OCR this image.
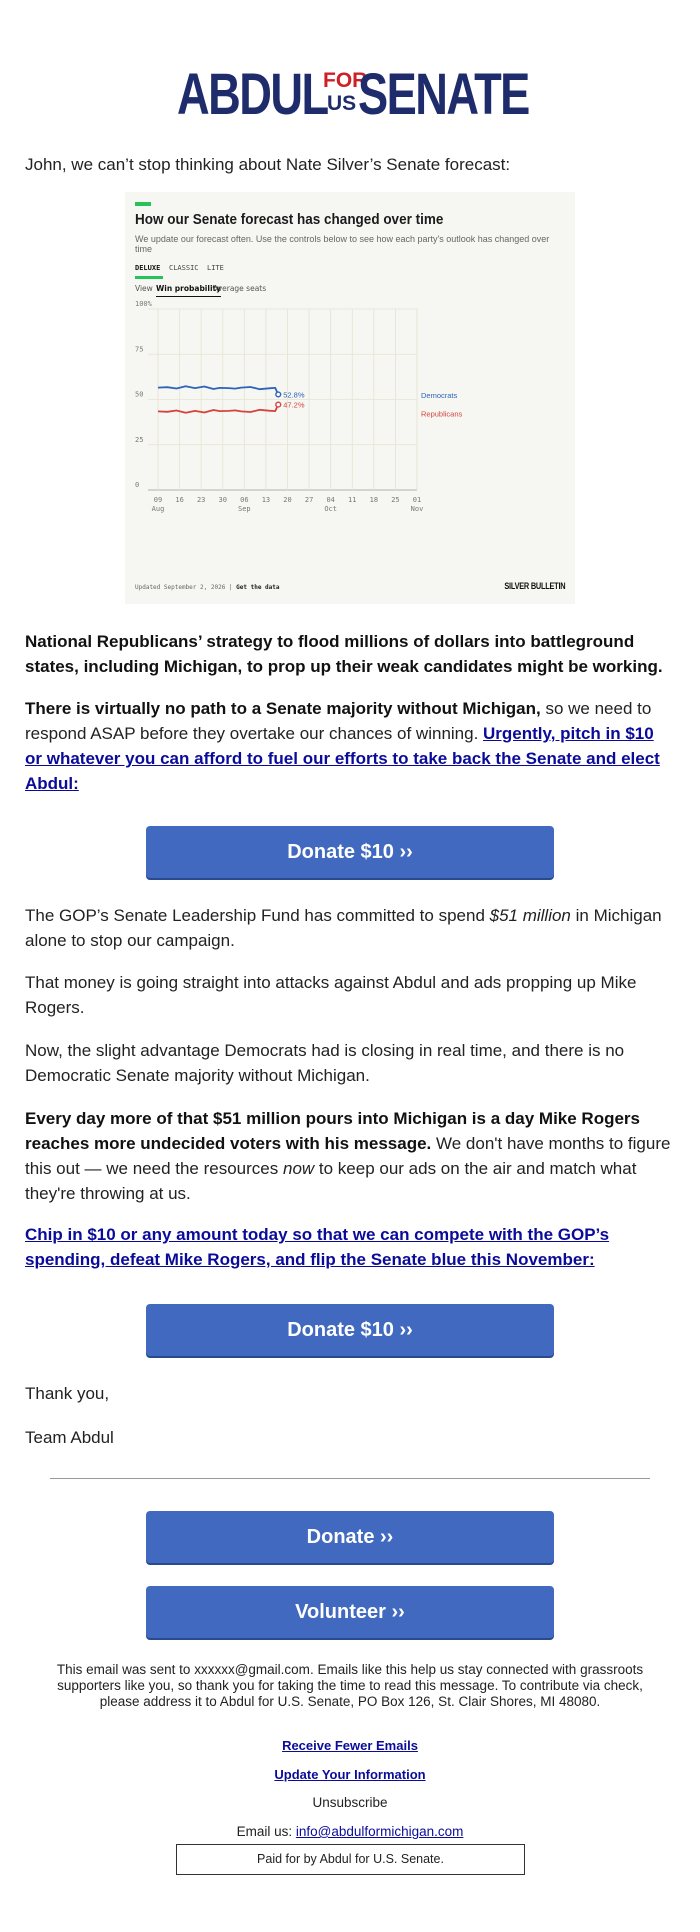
ABDUL
FOR
US SENATE
John, we can’t stop thinking about Nate Silver’s Senate forecast:
How our Senate forecast has changed over time
We update our forecast often. Use the controls below to see how each party's outlook has changed over time
DELUXE CLASSIC LITE
View Win probability
Average seats
100%
75
50
25
0
09 16 23 30 06 13 20 27 04 11 18 25 01
Aug	Sep	Oct	Nov
52.8%
47.2%
Democrats
Republicans
Updated September 2, 2026 | Get the data	SILVER BULLETIN
National Republicans’ strategy to flood millions of dollars into battleground states, including Michigan, to prop up their weak candidates might be working.
There is virtually no path to a Senate majority without Michigan, so we need to respond ASAP before they overtake our chances of winning. Urgently, pitch in $10 or whatever you can afford to fuel our efforts to take back the Senate and elect Abdul:
Donate $10 ››
The GOP’s Senate Leadership Fund has committed to spend $51 million in Michigan alone to stop our campaign.
That money is going straight into attacks against Abdul and ads propping up Mike Rogers.
Now, the slight advantage Democrats had is closing in real time, and there is no Democratic Senate majority without Michigan.
Every day more of that $51 million pours into Michigan is a day Mike Rogers reaches more undecided voters with his message. We don't have months to figure this out — we need the resources now to keep our ads on the air and match what they're throwing at us.
Chip in $10 or any amount today so that we can compete with the GOP’s spending, defeat Mike Rogers, and flip the Senate blue this November:
Donate $10 ››
Thank you,
Team Abdul
Donate ››
Volunteer ››
This email was sent to xxxxxx@gmail.com. Emails like this help us stay connected with grassroots supporters like you, so thank you for taking the time to read this message. To contribute via check, please address it to Abdul for U.S. Senate, PO Box 126, St. Clair Shores, MI 48080.
Receive Fewer Emails
Update Your Information
Unsubscribe
Email us: info@abdulformichigan.com
Paid for by Abdul for U.S. Senate.
